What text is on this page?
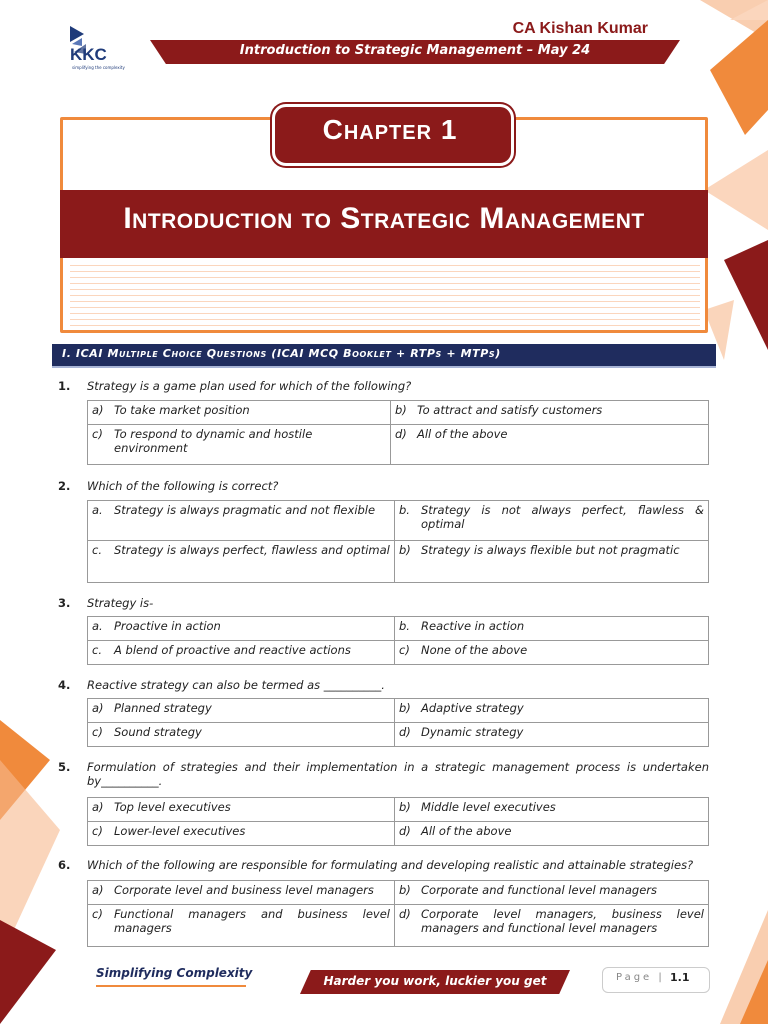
KKC
simplifying the complexity
CA Kishan Kumar
Introduction to Strategic Management – May 24
Introduction to Strategic Management
Chapter 1
I. ICAI Multiple Choice Questions (ICAI MCQ Booklet + RTPs + MTPs)
1. Strategy is a game plan used for which of the following?
a) To take market position	b) To attract and satisfy customers

c) To respond to dynamic and hostile environment	d) All of the above
2. Which of the following is correct?
a. Strategy is always pragmatic and not flexible	b. Strategy is not always perfect, flawless & optimal

c. Strategy is always perfect, flawless and optimal	b) Strategy is always flexible but not pragmatic
3. Strategy is-
a. Proactive in action	b. Reactive in action

c. A blend of proactive and reactive actions	c) None of the above
4. Reactive strategy can also be termed as __________.
a) Planned strategy	b) Adaptive strategy

c) Sound strategy	d) Dynamic strategy
5. Formulation of strategies and their implementation in a strategic management process is undertaken by__________.
a) Top level executives	b) Middle level executives

c) Lower-level executives	d) All of the above
6. Which of the following are responsible for formulating and developing realistic and attainable strategies?
a) Corporate level and business level managers	b) Corporate and functional level managers

c) Functional managers and business level managers	d) Corporate level managers, business level managers and functional level managers
Simplifying Complexity
Harder you work, luckier you get	Page | 1.1
